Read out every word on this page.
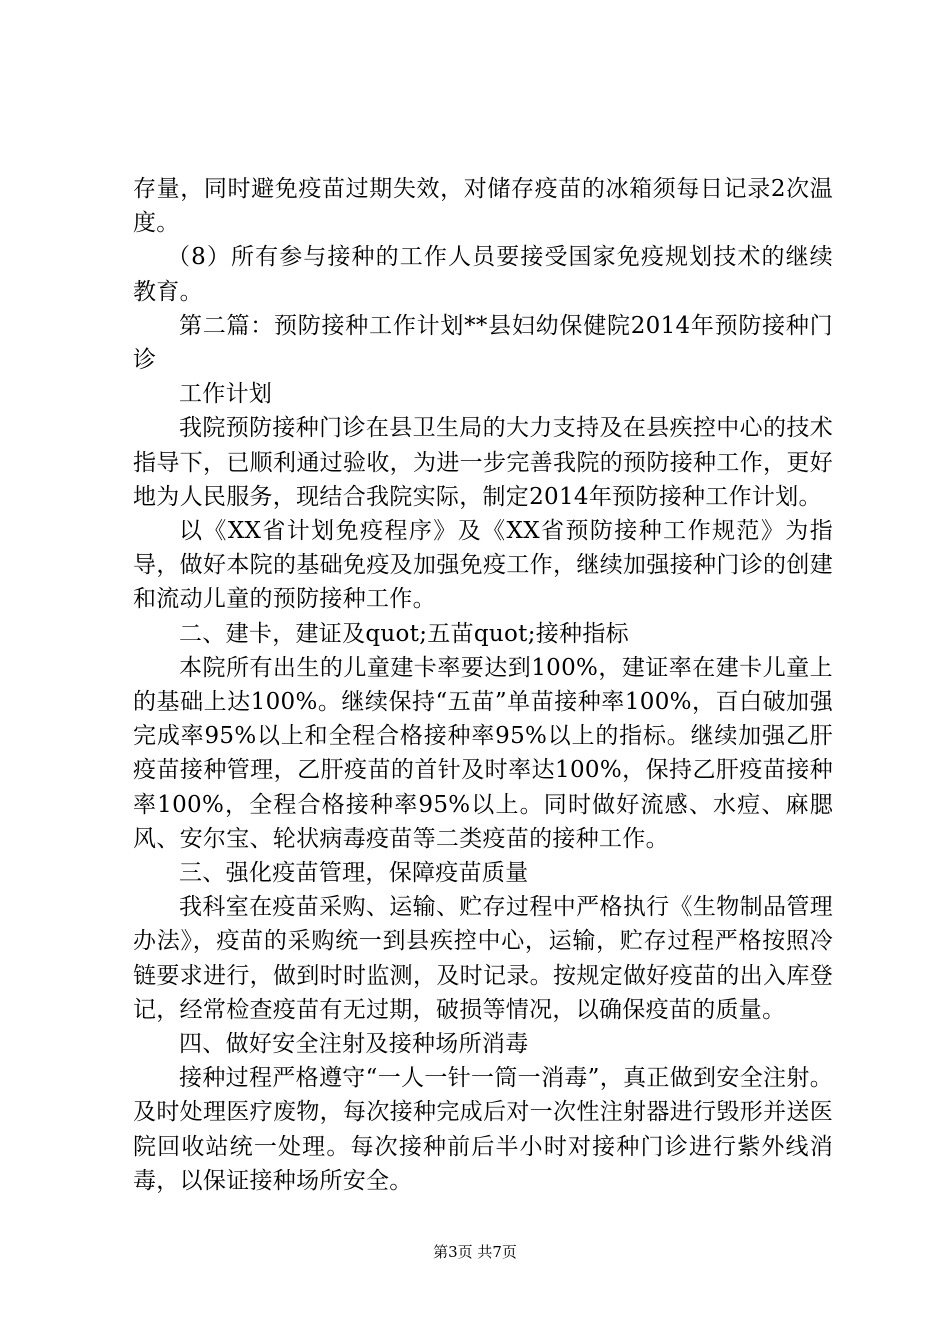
存量，同时避免疫苗过期失效，对储存疫苗的冰箱须每日记录2次温度。

（8）所有参与接种的工作人员要接受国家免疫规划技术的继续教育。

第二篇：预防接种工作计划**县妇幼保健院2014年预防接种门诊

工作计划

我院预防接种门诊在县卫生局的大力支持及在县疾控中心的技术指导下，已顺利通过验收，为进一步完善我院的预防接种工作，更好地为人民服务，现结合我院实际，制定2014年预防接种工作计划。

以《XX省计划免疫程序》及《XX省预防接种工作规范》为指导，做好本院的基础免疫及加强免疫工作，继续加强接种门诊的创建和流动儿童的预防接种工作。

二、建卡，建证及quot;五苗quot;接种指标

本院所有出生的儿童建卡率要达到100%，建证率在建卡儿童上的基础上达100%。继续保持“五苗”单苗接种率100%，百白破加强完成率95%以上和全程合格接种率95%以上的指标。继续加强乙肝疫苗接种管理，乙肝疫苗的首针及时率达100%，保持乙肝疫苗接种率100%，全程合格接种率95%以上。同时做好流感、水痘、麻腮风、安尔宝、轮状病毒疫苗等二类疫苗的接种工作。

三、强化疫苗管理，保障疫苗质量

我科室在疫苗采购、运输、贮存过程中严格执行《生物制品管理办法》，疫苗的采购统一到县疾控中心，运输，贮存过程严格按照冷链要求进行，做到时时监测，及时记录。按规定做好疫苗的出入库登记，经常检查疫苗有无过期，破损等情况，以确保疫苗的质量。

四、做好安全注射及接种场所消毒

接种过程严格遵守“一人一针一筒一消毒”，真正做到安全注射。及时处理医疗废物，每次接种完成后对一次性注射器进行毁形并送医院回收站统一处理。每次接种前后半小时对接种门诊进行紫外线消毒，以保证接种场所安全。

第3页 共7页
